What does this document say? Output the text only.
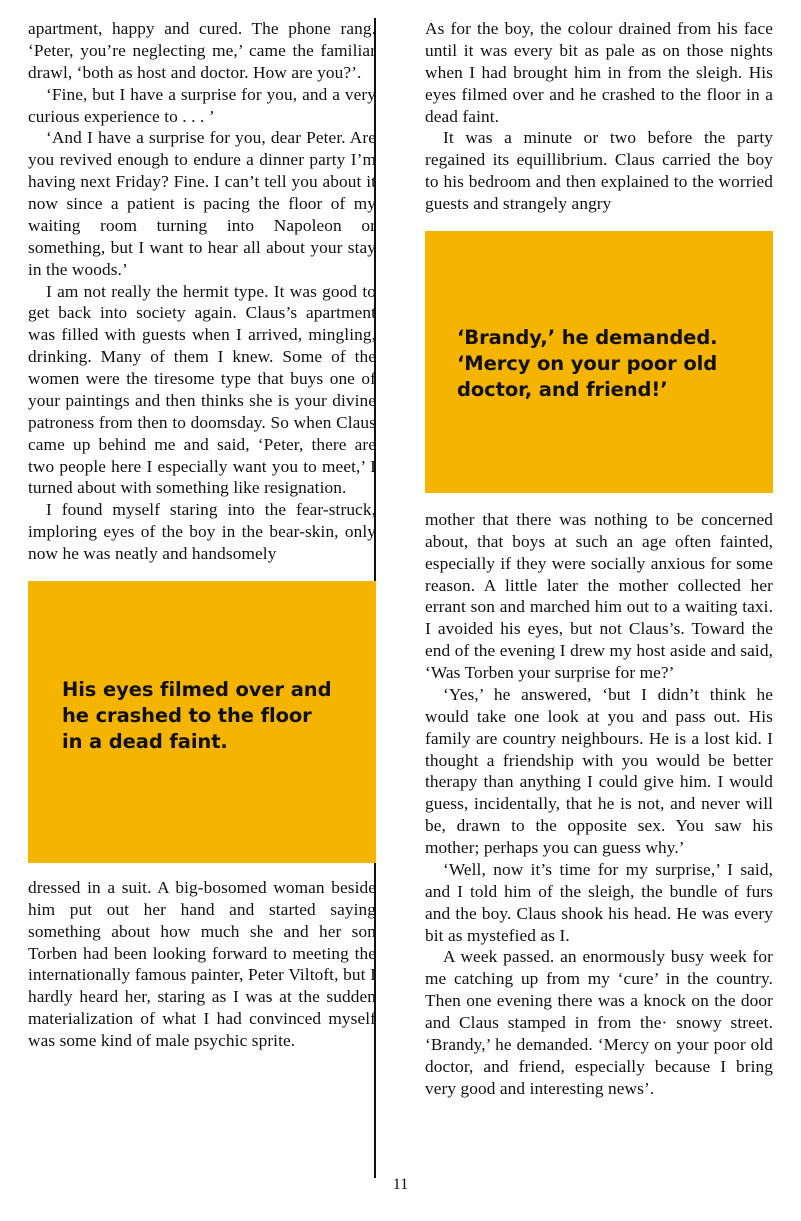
apartment, happy and cured. The phone rang. ‘Peter, you’re neglecting me,’ came the familiar drawl, ‘both as host and doctor. How are you?’.

‘Fine, but I have a surprise for you, and a very curious experience to . . . ’

‘And I have a surprise for you, dear Peter. Are you revived enough to endure a dinner party I’m having next Friday? Fine. I can’t tell you about it now since a patient is pacing the floor of my waiting room turning into Napoleon or something, but I want to hear all about your stay in the woods.’

I am not really the hermit type. It was good to get back into society again. Claus’s apartment was filled with guests when I arrived, mingling, drinking. Many of them I knew. Some of the women were the tiresome type that buys one of your paintings and then thinks she is your divine patroness from then to doomsday. So when Claus came up behind me and said, ‘Peter, there are two people here I especially want you to meet,’ I turned about with something like resignation.

I found myself staring into the fear-struck, imploring eyes of the boy in the bear-skin, only now he was neatly and handsomely

His eyes filmed over and
he crashed to the floor
in a dead faint.

dressed in a suit. A big-bosomed woman beside him put out her hand and started saying something about how much she and her son Torben had been looking forward to meeting the internationally famous painter, Peter Viltoft, but I hardly heard her, staring as I was at the sudden materialization of what I had convinced myself was some kind of male psychic sprite.

As for the boy, the colour drained from his face until it was every bit as pale as on those nights when I had brought him in from the sleigh. His eyes filmed over and he crashed to the floor in a dead faint.

It was a minute or two before the party regained its equillibrium. Claus carried the boy to his bedroom and then explained to the worried guests and strangely angry

‘Brandy,’ he demanded.
‘Mercy on your poor old
doctor, and friend!’

mother that there was nothing to be concerned about, that boys at such an age often fainted, especially if they were socially anxious for some reason. A little later the mother collected her errant son and marched him out to a waiting taxi. I avoided his eyes, but not Claus’s. Toward the end of the evening I drew my host aside and said, ‘Was Torben your surprise for me?’

‘Yes,’ he answered, ‘but I didn’t think he would take one look at you and pass out. His family are country neighbours. He is a lost kid. I thought a friendship with you would be better therapy than anything I could give him. I would guess, incidentally, that he is not, and never will be, drawn to the opposite sex. You saw his mother; perhaps you can guess why.’

‘Well, now it’s time for my surprise,’ I said, and I told him of the sleigh, the bundle of furs and the boy. Claus shook his head. He was every bit as mystefied as I.

A week passed. an enormously busy week for me catching up from my ‘cure’ in the country. Then one evening there was a knock on the door and Claus stamped in from the· snowy street. ‘Brandy,’ he demanded. ‘Mercy on your poor old doctor, and friend, especially because I bring very good and interesting news’.

11
